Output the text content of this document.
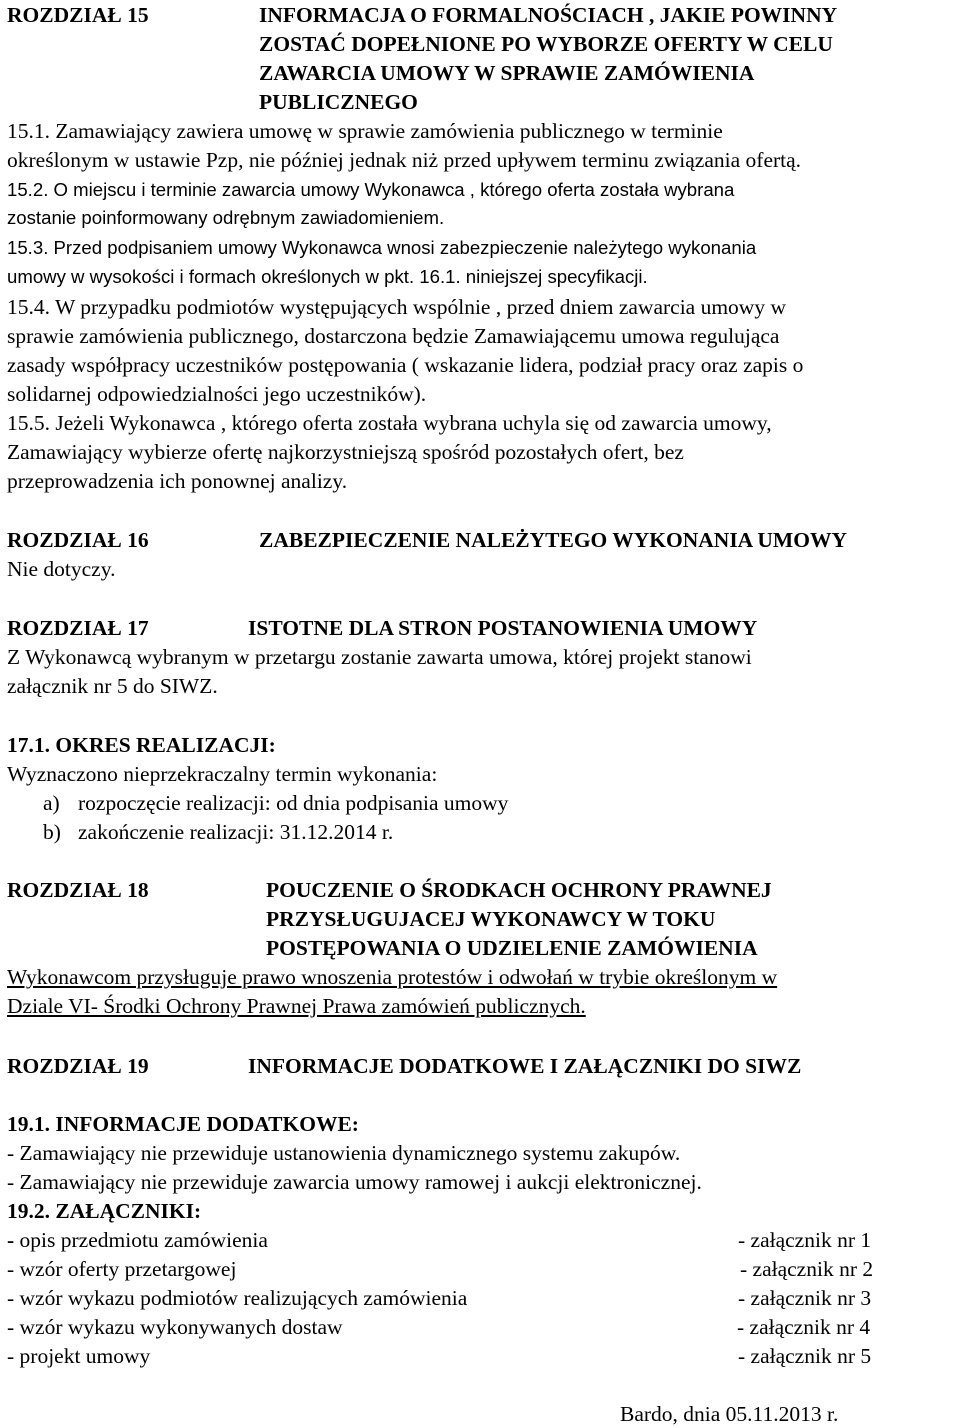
ROZDZIAŁ 15	INFORMACJA O FORMALNOŚCIACH , JAKIE POWINNY
ZOSTAĆ DOPEŁNIONE PO WYBORZE OFERTY W CELU
ZAWARCIA UMOWY W SPRAWIE ZAMÓWIENIA
PUBLICZNEGO
15.1. Zamawiający zawiera umowę w sprawie zamówienia publicznego w terminie
określonym w ustawie Pzp, nie później jednak niż przed upływem terminu związania ofertą.
15.2. O miejscu i terminie zawarcia umowy Wykonawca , którego oferta została wybrana
zostanie poinformowany odrębnym zawiadomieniem.
15.3. Przed podpisaniem umowy Wykonawca wnosi zabezpieczenie należytego wykonania
umowy w wysokości i formach określonych w pkt. 16.1. niniejszej specyfikacji.
15.4. W przypadku podmiotów występujących wspólnie , przed dniem zawarcia umowy w
sprawie zamówienia publicznego, dostarczona będzie Zamawiającemu umowa regulująca
zasady współpracy uczestników postępowania ( wskazanie lidera, podział pracy oraz zapis o
solidarnej odpowiedzialności jego uczestników).
15.5. Jeżeli Wykonawca , którego oferta została wybrana uchyla się od zawarcia umowy,
Zamawiający wybierze ofertę najkorzystniejszą spośród pozostałych ofert, bez
przeprowadzenia ich ponownej analizy.
ROZDZIAŁ 16	ZABEZPIECZENIE NALEŻYTEGO WYKONANIA UMOWY
Nie dotyczy.
ROZDZIAŁ 17	ISTOTNE DLA STRON POSTANOWIENIA UMOWY
Z Wykonawcą wybranym w przetargu zostanie zawarta umowa, której projekt stanowi
załącznik nr 5 do SIWZ.
17.1. OKRES REALIZACJI:
Wyznaczono nieprzekraczalny termin wykonania:
a) rozpoczęcie realizacji: od dnia podpisania umowy
b) zakończenie realizacji: 31.12.2014 r.
ROZDZIAŁ 18	POUCZENIE O ŚRODKACH OCHRONY PRAWNEJ
PRZYSŁUGUJACEJ WYKONAWCY W TOKU
POSTĘPOWANIA O UDZIELENIE ZAMÓWIENIA
Wykonawcom przysługuje prawo wnoszenia protestów i odwołań w trybie określonym w
Dziale VI- Środki Ochrony Prawnej Prawa zamówień publicznych.
ROZDZIAŁ 19	INFORMACJE DODATKOWE I ZAŁĄCZNIKI DO SIWZ
19.1. INFORMACJE DODATKOWE:
- Zamawiający nie przewiduje ustanowienia dynamicznego systemu zakupów.
- Zamawiający nie przewiduje zawarcia umowy ramowej i aukcji elektronicznej.
19.2. ZAŁĄCZNIKI:
- opis przedmiotu zamówienia	- załącznik nr 1
- wzór oferty przetargowej	- załącznik nr 2
- wzór wykazu podmiotów realizujących zamówienia	- załącznik nr 3
- wzór wykazu wykonywanych dostaw	- załącznik nr 4
- projekt umowy	- załącznik nr 5
Bardo, dnia 05.11.2013 r.
